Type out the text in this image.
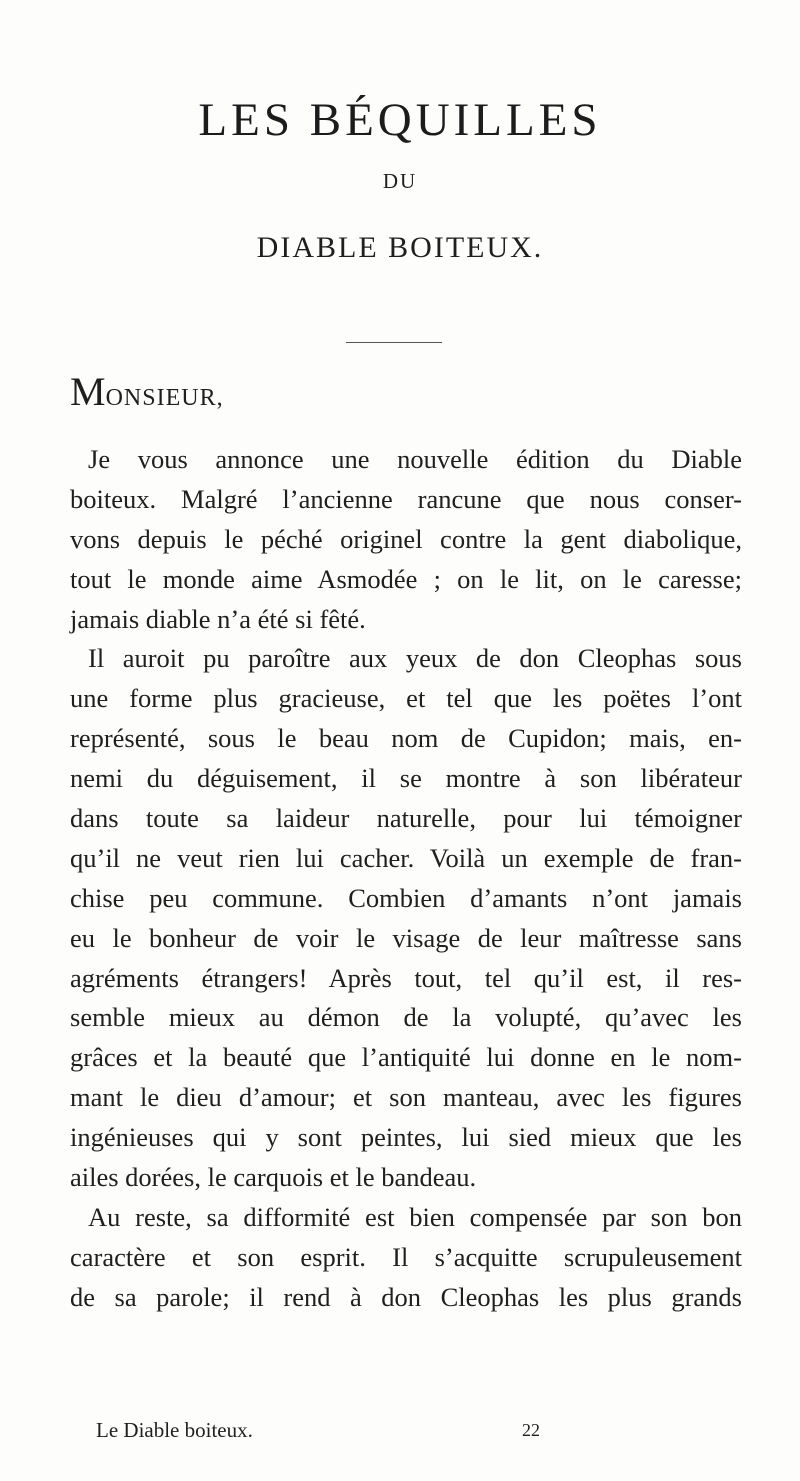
LES BÉQUILLES
DU
DIABLE BOITEUX.
MONSIEUR,
Je vous annonce une nouvelle édition du Diable
boiteux. Malgré l’ancienne rancune que nous conser-
vons depuis le péché originel contre la gent diabolique,
tout le monde aime Asmodée ; on le lit, on le caresse;
jamais diable n’a été si fêté.
Il auroit pu paroître aux yeux de don Cleophas sous
une forme plus gracieuse, et tel que les poëtes l’ont
représenté, sous le beau nom de Cupidon; mais, en-
nemi du déguisement, il se montre à son libérateur
dans toute sa laideur naturelle, pour lui témoigner
qu’il ne veut rien lui cacher. Voilà un exemple de fran-
chise peu commune. Combien d’amants n’ont jamais
eu le bonheur de voir le visage de leur maîtresse sans
agréments étrangers! Après tout, tel qu’il est, il res-
semble mieux au démon de la volupté, qu’avec les
grâces et la beauté que l’antiquité lui donne en le nom-
mant le dieu d’amour; et son manteau, avec les figures
ingénieuses qui y sont peintes, lui sied mieux que les
ailes dorées, le carquois et le bandeau.
Au reste, sa difformité est bien compensée par son bon
caractère et son esprit. Il s’acquitte scrupuleusement
de sa parole; il rend à don Cleophas les plus grands
Le Diable boiteux.	22
